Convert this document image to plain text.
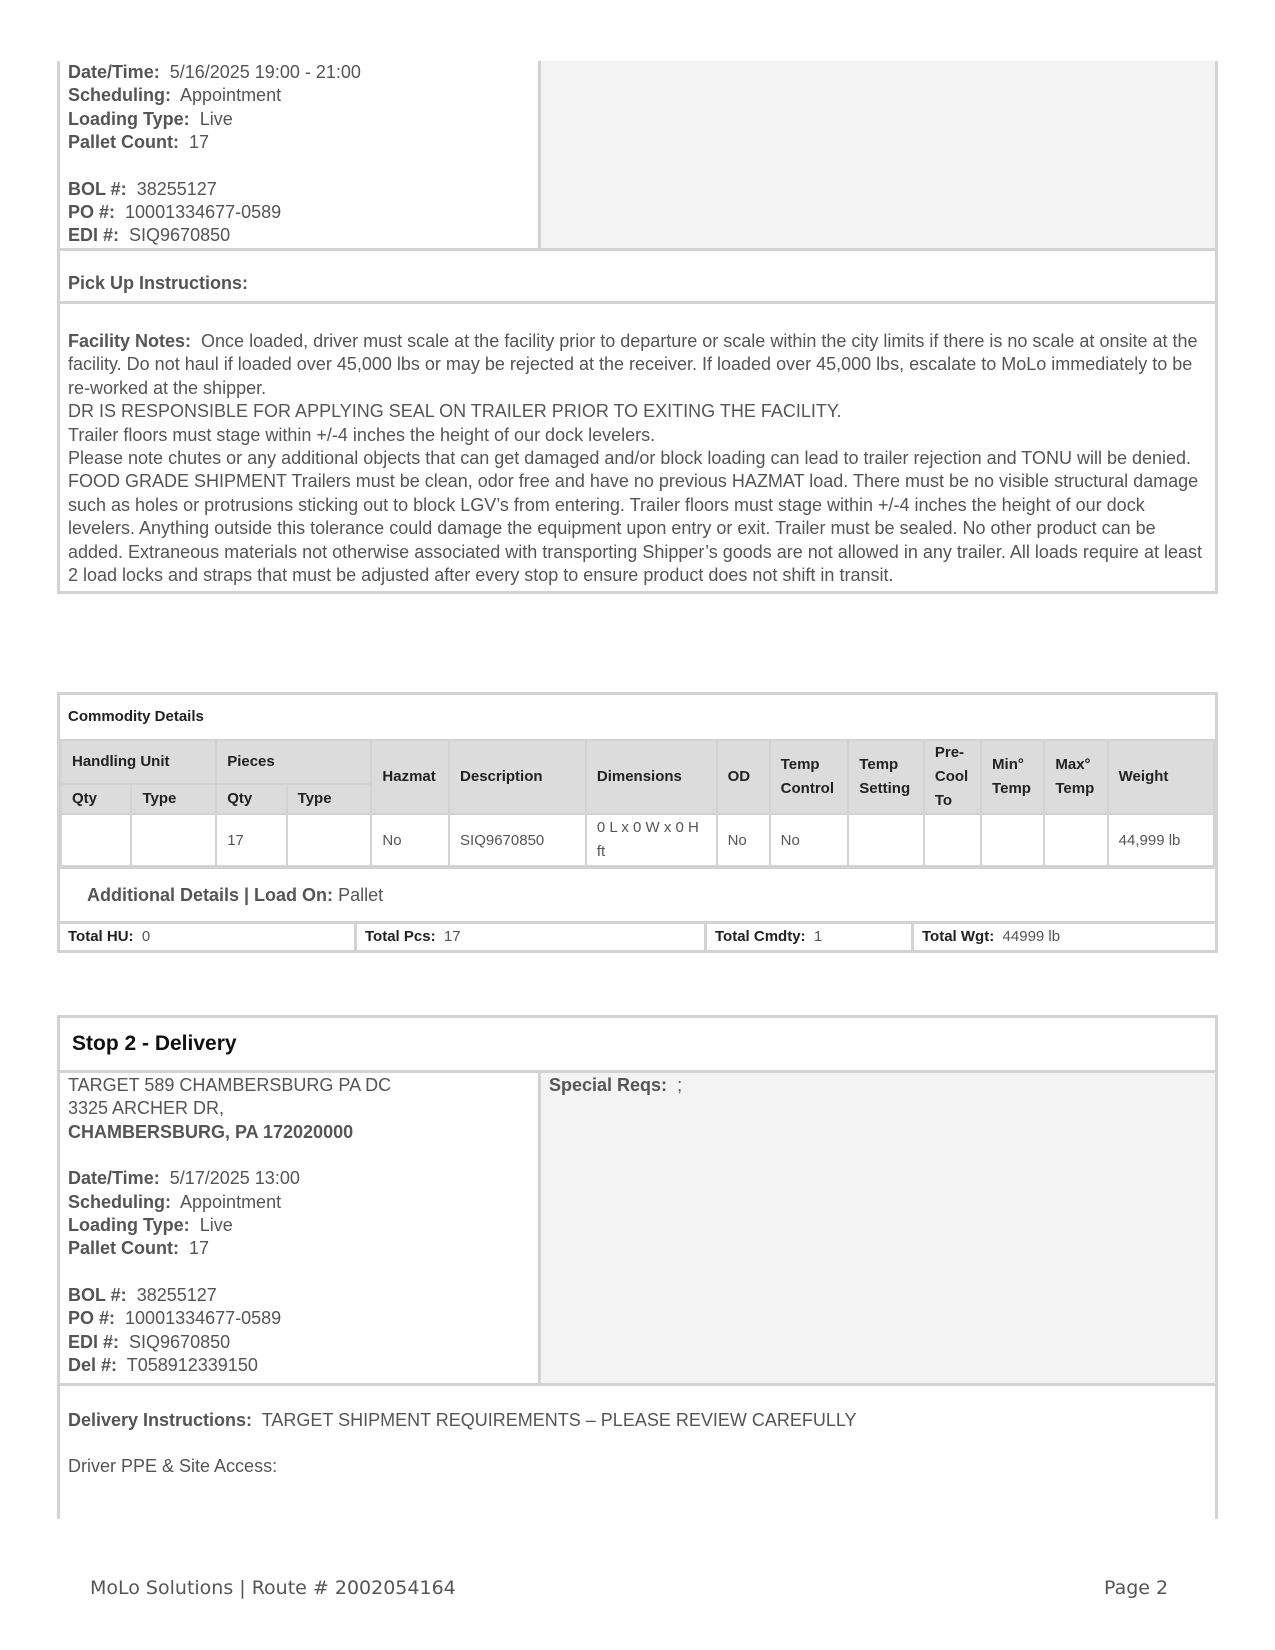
Date/Time: 5/16/2025 19:00 - 21:00
Scheduling: Appointment
Loading Type: Live
Pallet Count: 17
BOL #: 38255127
PO #: 10001334677-0589
EDI #: SIQ9670850
Pick Up Instructions:

Facility Notes: Once loaded, driver must scale at the facility prior to departure or scale within the city limits if there is no scale at onsite at the facility. Do not haul if loaded over 45,000 lbs or may be rejected at the receiver. If loaded over 45,000 lbs, escalate to MoLo immediately to be re-worked at the shipper.

DR IS RESPONSIBLE FOR APPLYING SEAL ON TRAILER PRIOR TO EXITING THE FACILITY.

Trailer floors must stage within +/-4 inches the height of our dock levelers.

Please note chutes or any additional objects that can get damaged and/or block loading can lead to trailer rejection and TONU will be denied.

FOOD GRADE SHIPMENT Trailers must be clean, odor free and have no previous HAZMAT load. There must be no visible structural damage such as holes or protrusions sticking out to block LGV’s from entering. Trailer floors must stage within +/-4 inches the height of our dock levelers. Anything outside this tolerance could damage the equipment upon entry or exit. Trailer must be sealed. No other product can be added. Extraneous materials not otherwise associated with transporting Shipper’s goods are not allowed in any trailer. All loads require at least 2 load locks and straps that must be adjusted after every stop to ensure product does not shift in transit.

Commodity Details
Handling Unit		Pieces		Hazmat	Description	Dimensions	OD	Temp Control	Temp Setting	Pre-Cool To	Min° Temp	Max° Temp	Weight
Qty	Type	Qty	Type										
		17		No	SIQ9670850	0 L x 0 W x 0 H ft	No	No					44,999 lb
Additional Details | Load On: Pallet
Total HU: 0	Total Pcs: 17	Total Cmdty: 1	Total Wgt: 44999 lb
Stop 2 - Delivery
TARGET 589 CHAMBERSBURG PA DC
3325 ARCHER DR,
CHAMBERSBURG, PA 172020000
Date/Time: 5/17/2025 13:00
Scheduling: Appointment
Loading Type: Live
Pallet Count: 17
BOL #: 38255127
PO #: 10001334677-0589
EDI #: SIQ9670850
Del #: T058912339150
Special Reqs: ;
Delivery Instructions: TARGET SHIPMENT REQUIREMENTS – PLEASE REVIEW CAREFULLY
Driver PPE & Site Access:
MoLo Solutions | Route # 2002054164	Page 2
